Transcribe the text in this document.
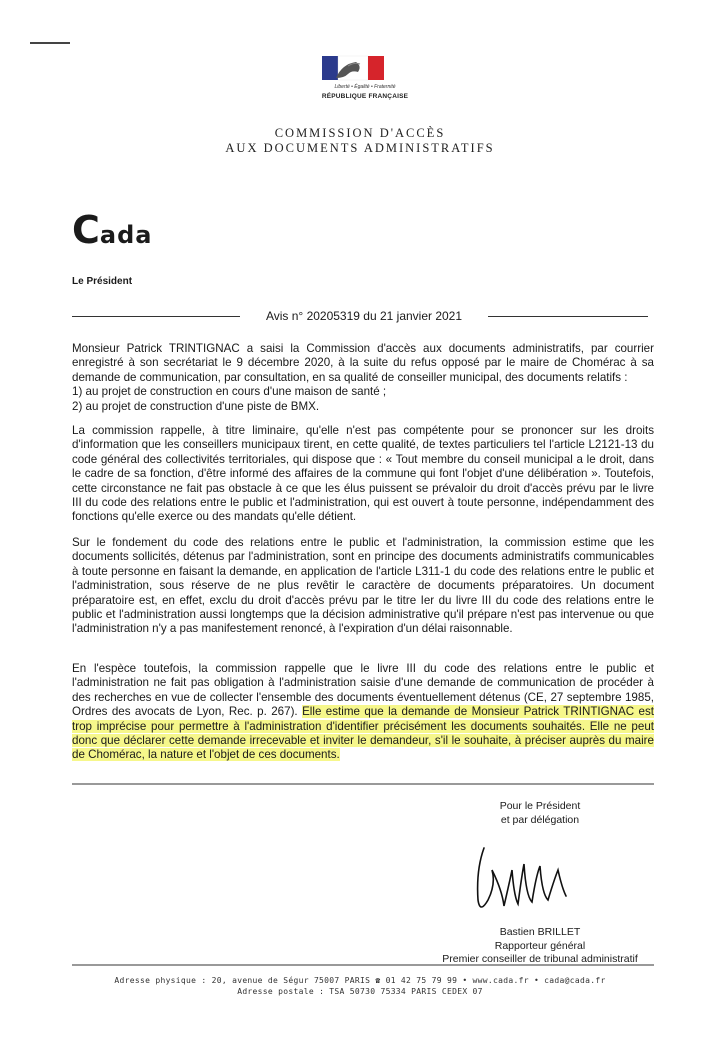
Liberté • Égalité • Fraternité
RÉPUBLIQUE FRANÇAISE
COMMISSION D'ACCÈS
AUX DOCUMENTS ADMINISTRATIFS
Cada
Le Président
Avis n° 20205319 du 21 janvier 2021
Monsieur Patrick TRINTIGNAC a saisi la Commission d'accès aux documents administratifs, par courrier enregistré à son secrétariat le 9 décembre 2020, à la suite du refus opposé par le maire de Chomérac à sa demande de communication, par consultation, en sa qualité de conseiller municipal, des documents relatifs :
1) au projet de construction en cours d'une maison de santé ;
2) au projet de construction d'une piste de BMX.
La commission rappelle, à titre liminaire, qu'elle n'est pas compétente pour se prononcer sur les droits d'information que les conseillers municipaux tirent, en cette qualité, de textes particuliers tel l'article L2121-13 du code général des collectivités territoriales, qui dispose que : « Tout membre du conseil municipal a le droit, dans le cadre de sa fonction, d'être informé des affaires de la commune qui font l'objet d'une délibération ». Toutefois, cette circonstance ne fait pas obstacle à ce que les élus puissent se prévaloir du droit d'accès prévu par le livre III du code des relations entre le public et l'administration, qui est ouvert à toute personne, indépendamment des fonctions qu'elle exerce ou des mandats qu'elle détient.
Sur le fondement du code des relations entre le public et l'administration, la commission estime que les documents sollicités, détenus par l'administration, sont en principe des documents administratifs communicables à toute personne en faisant la demande, en application de l'article L311-1 du code des relations entre le public et l'administration, sous réserve de ne plus revêtir le caractère de documents préparatoires. Un document préparatoire est, en effet, exclu du droit d'accès prévu par le titre Ier du livre III du code des relations entre le public et l'administration aussi longtemps que la décision administrative qu'il prépare n'est pas intervenue ou que l'administration n'y a pas manifestement renoncé, à l'expiration d'un délai raisonnable.
En l'espèce toutefois, la commission rappelle que le livre III du code des relations entre le public et l'administration ne fait pas obligation à l'administration saisie d'une demande de communication de procéder à des recherches en vue de collecter l'ensemble des documents éventuellement détenus (CE, 27 septembre 1985, Ordres des avocats de Lyon, Rec. p. 267). Elle estime que la demande de Monsieur Patrick TRINTIGNAC est trop imprécise pour permettre à l'administration d'identifier précisément les documents souhaités. Elle ne peut donc que déclarer cette demande irrecevable et inviter le demandeur, s'il le souhaite, à préciser auprès du maire de Chomérac, la nature et l'objet de ces documents.
Pour le Président
et par délégation
Bastien BRILLET
Rapporteur général
Premier conseiller de tribunal administratif
Adresse physique : 20, avenue de Ségur 75007 PARIS ☎ 01 42 75 79 99 • www.cada.fr • cada@cada.fr
Adresse postale : TSA 50730 75334 PARIS CEDEX 07
